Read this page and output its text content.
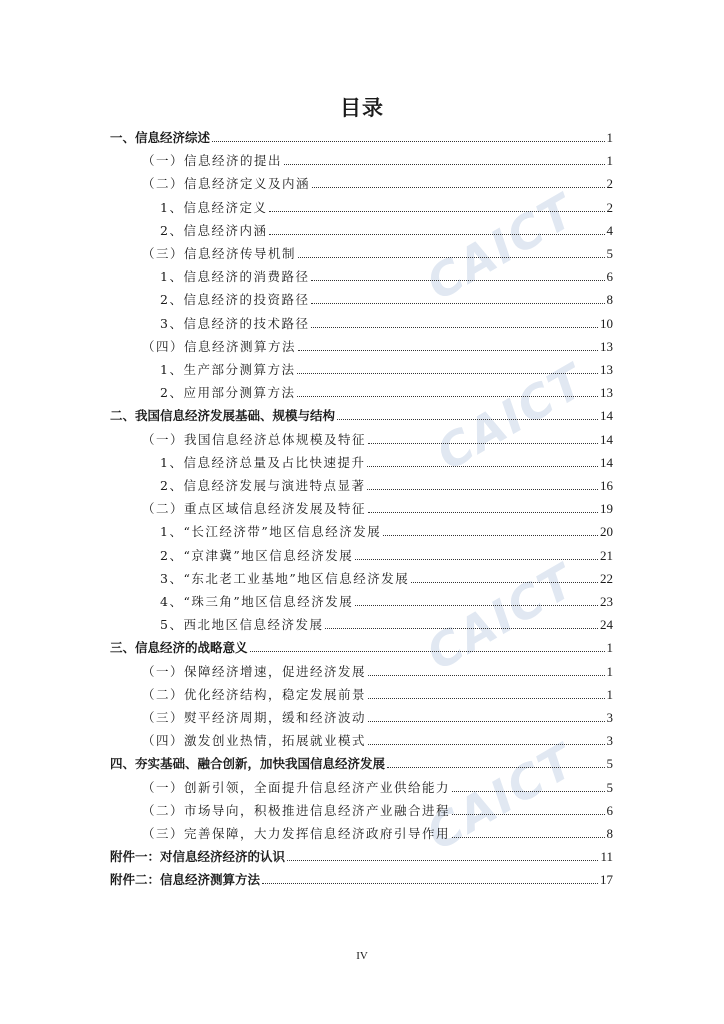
CAICT
CAICT
CAICT
CAICT
目录
一、信息经济综述	1
（一）信息经济的提出	1
（二）信息经济定义及内涵	2
1、信息经济定义	2
2、信息经济内涵	4
（三）信息经济传导机制	5
1、信息经济的消费路径	6
2、信息经济的投资路径	8
3、信息经济的技术路径	10
（四）信息经济测算方法	13
1、生产部分测算方法	13
2、应用部分测算方法	13
二、我国信息经济发展基础、规模与结构	14
（一）我国信息经济总体规模及特征	14
1、信息经济总量及占比快速提升	14
2、信息经济发展与演进特点显著	16
（二）重点区域信息经济发展及特征	19
1、“长江经济带”地区信息经济发展	20
2、“京津冀”地区信息经济发展	21
3、“东北老工业基地”地区信息经济发展	22
4、“珠三角”地区信息经济发展	23
5、西北地区信息经济发展	24
三、信息经济的战略意义	1
（一）保障经济增速，促进经济发展	1
（二）优化经济结构，稳定发展前景	1
（三）熨平经济周期，缓和经济波动	3
（四）激发创业热情，拓展就业模式	3
四、夯实基础、融合创新，加快我国信息经济发展	5
（一）创新引领，全面提升信息经济产业供给能力	5
（二）市场导向，积极推进信息经济产业融合进程	6
（三）完善保障，大力发挥信息经济政府引导作用	8
附件一：对信息经济经济的认识	11
附件二：信息经济测算方法	17
IV
